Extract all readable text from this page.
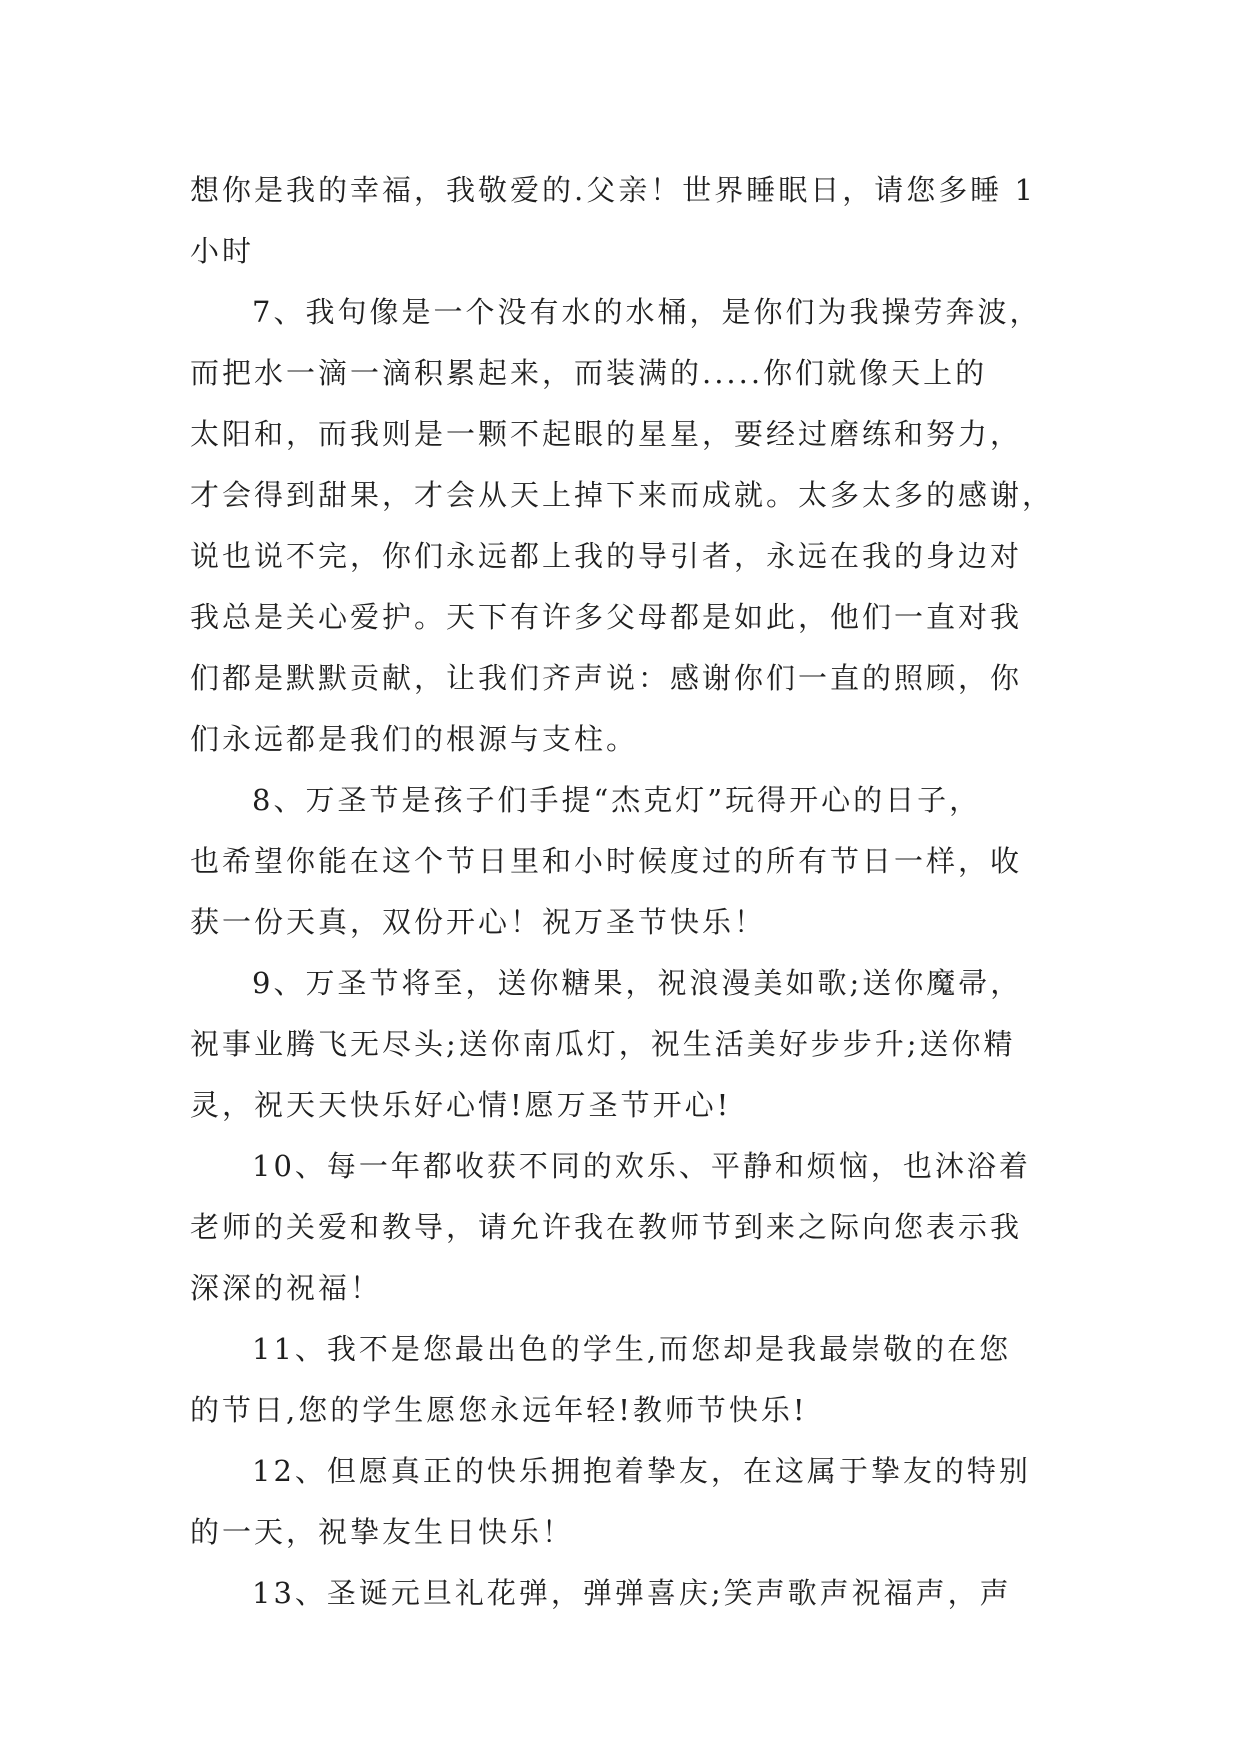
想你是我的幸福，我敬爱的.父亲！世界睡眠日，请您多睡 1
小时
7、我句像是一个没有水的水桶，是你们为我操劳奔波，
而把水一滴一滴积累起来，而装满的.....你们就像天上的
太阳和，而我则是一颗不起眼的星星，要经过磨练和努力，
才会得到甜果，才会从天上掉下来而成就。太多太多的感谢，
说也说不完，你们永远都上我的导引者，永远在我的身边对
我总是关心爱护。天下有许多父母都是如此，他们一直对我
们都是默默贡献，让我们齐声说：感谢你们一直的照顾，你
们永远都是我们的根源与支柱。
8、万圣节是孩子们手提“杰克灯”玩得开心的日子，
也希望你能在这个节日里和小时候度过的所有节日一样，收
获一份天真，双份开心！祝万圣节快乐！
9、万圣节将至，送你糖果，祝浪漫美如歌;送你魔帚，
祝事业腾飞无尽头;送你南瓜灯，祝生活美好步步升;送你精
灵，祝天天快乐好心情!愿万圣节开心!
10、每一年都收获不同的欢乐、平静和烦恼，也沐浴着
老师的关爱和教导，请允许我在教师节到来之际向您表示我
深深的祝福！
11、我不是您最出色的学生,而您却是我最崇敬的在您
的节日,您的学生愿您永远年轻!教师节快乐!
12、但愿真正的快乐拥抱着挚友，在这属于挚友的特别
的一天，祝挚友生日快乐！
13、圣诞元旦礼花弹，弹弹喜庆;笑声歌声祝福声，声
